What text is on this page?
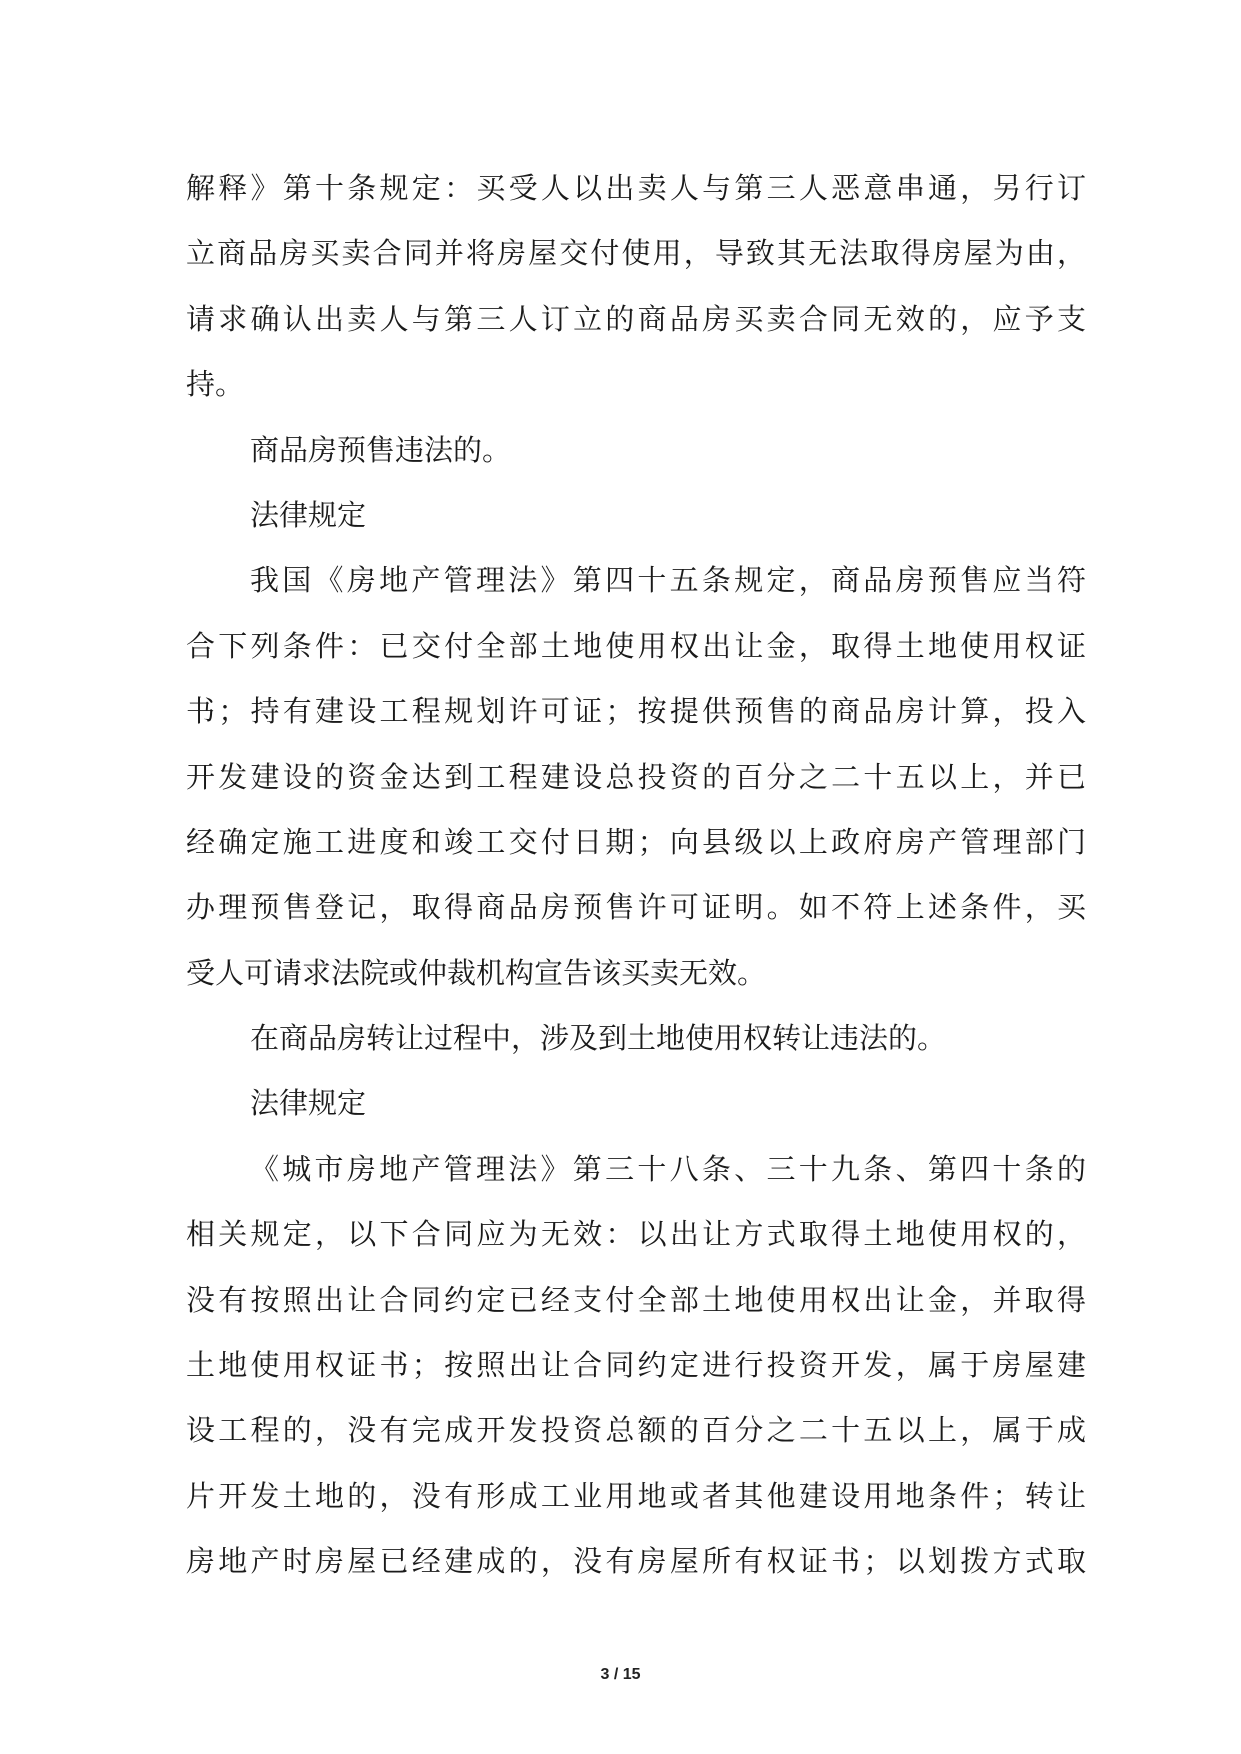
解释》第十条规定：买受人以出卖人与第三人恶意串通，另行订
立商品房买卖合同并将房屋交付使用，导致其无法取得房屋为由，
请求确认出卖人与第三人订立的商品房买卖合同无效的，应予支
持。
商品房预售违法的。
法律规定
我国《房地产管理法》第四十五条规定，商品房预售应当符
合下列条件：已交付全部土地使用权出让金，取得土地使用权证
书；持有建设工程规划许可证；按提供预售的商品房计算，投入
开发建设的资金达到工程建设总投资的百分之二十五以上，并已
经确定施工进度和竣工交付日期；向县级以上政府房产管理部门
办理预售登记，取得商品房预售许可证明。如不符上述条件，买
受人可请求法院或仲裁机构宣告该买卖无效。
在商品房转让过程中，涉及到土地使用权转让违法的。
法律规定
《城市房地产管理法》第三十八条、三十九条、第四十条的
相关规定，以下合同应为无效：以出让方式取得土地使用权的，
没有按照出让合同约定已经支付全部土地使用权出让金，并取得
土地使用权证书；按照出让合同约定进行投资开发，属于房屋建
设工程的，没有完成开发投资总额的百分之二十五以上，属于成
片开发土地的，没有形成工业用地或者其他建设用地条件；转让
房地产时房屋已经建成的，没有房屋所有权证书；以划拨方式取
3 / 15
